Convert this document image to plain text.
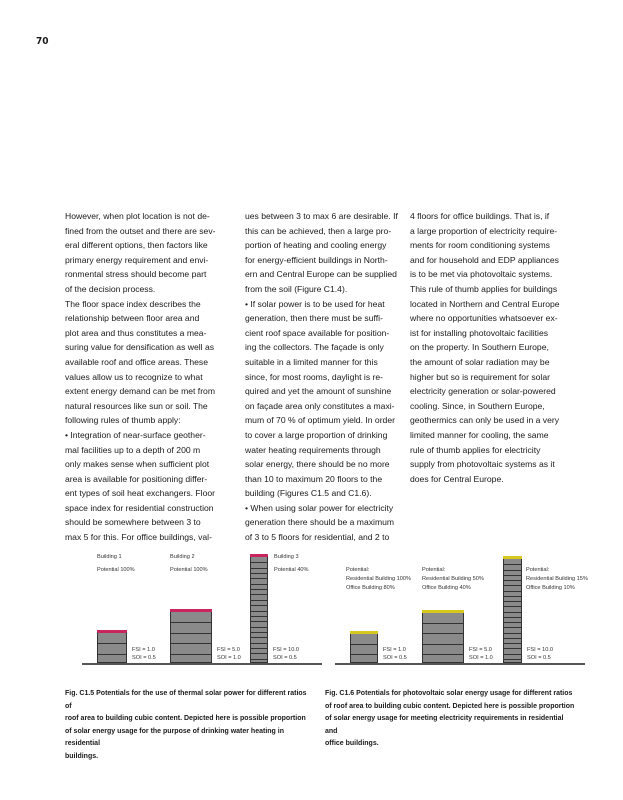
70
However, when plot location is not de-
fined from the outset and there are sev-
eral different options, then factors like
primary energy requirement and envi-
ronmental stress should become part
of the decision process.
The floor space index describes the
relationship between floor area and
plot area and thus constitutes a mea-
suring value for densification as well as
available roof and office areas. These
values allow us to recognize to what
extent energy demand can be met from
natural resources like sun or soil. The
following rules of thumb apply:
• Integration of near-surface geother-
mal facilities up to a depth of 200 m
only makes sense when sufficient plot
area is available for positioning differ-
ent types of soil heat exchangers. Floor
space index for residential construction
should be somewhere between 3 to
max 5 for this. For office buildings, val-
ues between 3 to max 6 are desirable. If
this can be achieved, then a large pro-
portion of heating and cooling energy
for energy-efficient buildings in North-
ern and Central Europe can be supplied
from the soil (Figure C1.4).
• If solar power is to be used for heat
generation, then there must be suffi-
cient roof space available for position-
ing the collectors. The façade is only
suitable in a limited manner for this
since, for most rooms, daylight is re-
quired and yet the amount of sunshine
on façade area only constitutes a maxi-
mum of 70 % of optimum yield. In order
to cover a large proportion of drinking
water heating requirements through
solar energy, there should be no more
than 10 to maximum 20 floors to the
building (Figures C1.5 and C1.6).
• When using solar power for electricity
generation there should be a maximum
of 3 to 5 floors for residential, and 2 to
4 floors for office buildings. That is, if
a large proportion of electricity require-
ments for room conditioning systems
and for household and EDP appliances
is to be met via photovoltaic systems.
This rule of thumb applies for buildings
located in Northern and Central Europe
where no opportunities whatsoever ex-
ist for installing photovoltaic facilities
on the property. In Southern Europe,
the amount of solar radiation may be
higher but so is requirement for solar
electricity generation or solar-powered
cooling. Since, in Southern Europe,
geothermics can only be used in a very
limited manner for cooling, the same
rule of thumb applies for electricity
supply from photovoltaic systems as it
does for Central Europe.
FSI = 1.0
SOI = 0.5
Building 1
Potential 100%
FSI = 5.0
SOI = 1.0
Building 2
Potential 100%
FSI = 10.0
SOI = 0.5
Building 3
Potential 40%
FSI = 1.0
SOI = 0.5
Potential:
Residential Building 100%
Office Building 80%
FSI = 5.0
SOI = 1.0
Potential:
Residential Building 50%
Office Building 40%
FSI = 10.0
SOI = 0.5
Potential:
Residential Building 15%
Office Building 10%
Fig. C1.5 Potentials for the use of thermal solar power for different ratios of
roof area to building cubic content. Depicted here is possible proportion
of solar energy usage for the purpose of drinking water heating in residential
buildings.
Fig. C1.6 Potentials for photovoltaic solar energy usage for different ratios
of roof area to building cubic content. Depicted here is possible proportion
of solar energy usage for meeting electricity requirements in residential and
office buildings.
